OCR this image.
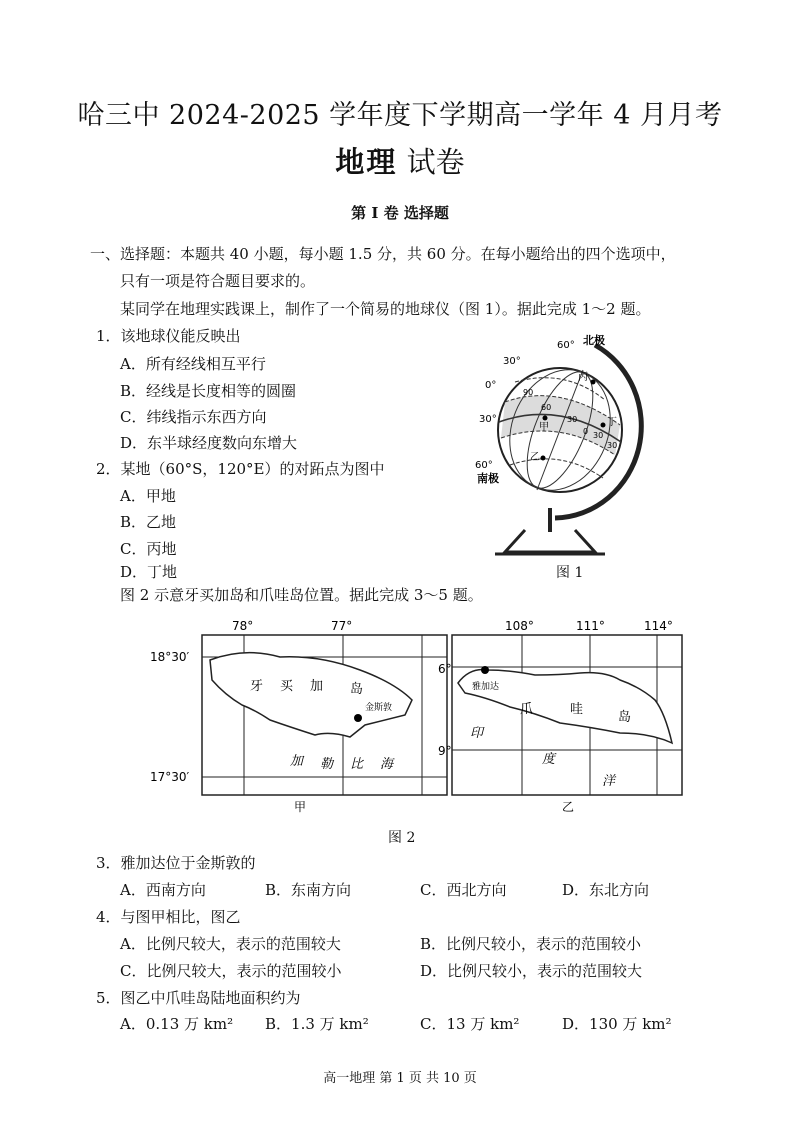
哈三中 2024-2025 学年度下学期高一学年 4 月月考
地理 试卷
第 I 卷 选择题
一、选择题：本题共 40 小题，每小题 1.5 分，共 60 分。在每小题给出的四个选项中，
只有一项是符合题目要求的。
某同学在地理实践课上，制作了一个简易的地球仪（图 1）。据此完成 1～2 题。
1．该地球仪能反映出
A．所有经线相互平行
B．经线是长度相等的圆圈
C．纬线指示东西方向
D．东半球经度数向东增大
2．某地（60°S，120°E）的对跖点为图中
A．甲地
B．乙地
C．丙地
D．丁地
60° 北极
30°
0°
30°
60°
南极
90
60
30
30
0
30
丙
丁
甲
乙
图 1
图 2 示意牙买加岛和爪哇岛位置。据此完成 3～5 题。
牙 买 加 岛
金斯敦
加 勒 比 海
78°	77°
18°30′
17°30′
甲
雅加达
爪	哇
岛
印
度
洋
108°	111°	114°
6°
9°
乙
图 2
3．雅加达位于金斯敦的
A．西南方向	B．东南方向	C．西北方向	D．东北方向
4．与图甲相比，图乙
A．比例尺较大，表示的范围较大	B．比例尺较小，表示的范围较小
C．比例尺较大，表示的范围较小	D．比例尺较小，表示的范围较大
5．图乙中爪哇岛陆地面积约为
A．0.13 万 km² B．1.3 万 km²	C．13 万 km²	D．130 万 km²
高一地理 第 1 页 共 10 页
